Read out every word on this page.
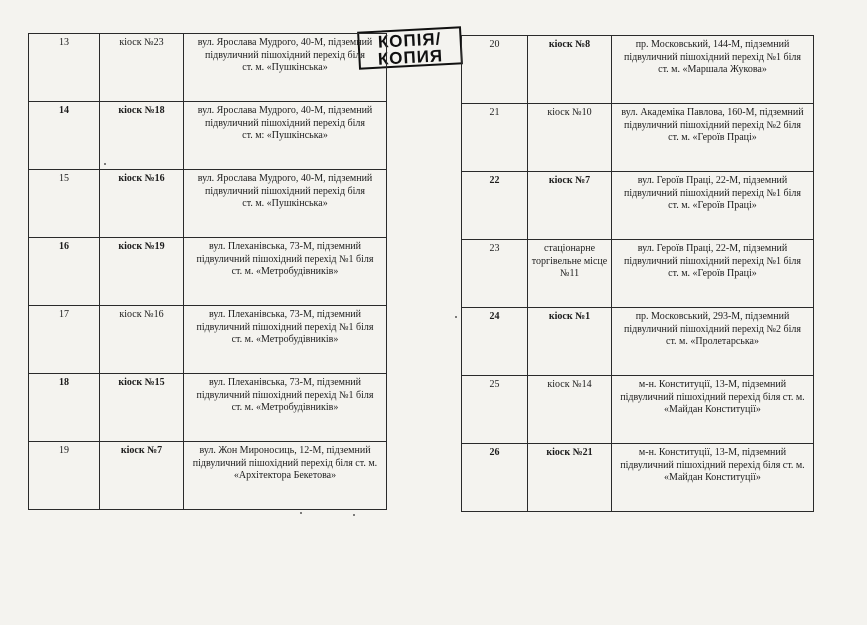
КОПІЯ/
КОПИЯ
13	кіоск №23	вул. Ярослава Мудрого, 40-М, підземний
підвуличний пішохідний перехід біля
ст. м. «Пушкінська»

14	кіоск №18	вул. Ярослава Мудрого, 40-М, підземний
підвуличний пішохідний перехід біля
ст. м: «Пушкінська»

15	кіоск №16	вул. Ярослава Мудрого, 40-М, підземний
підвуличний пішохідний перехід біля
ст. м. «Пушкінська»

16	кіоск №19	вул. Плеханівська, 73-М, підземний
підвуличний пішохідний перехід №1 біля
ст. м. «Метробудівників»

17	кіоск №16	вул. Плеханівська, 73-М, підземний
підвуличний пішохідний перехід №1 біля
ст. м. «Метробудівників»

18	кіоск №15	вул. Плеханівська, 73-М, підземний
підвуличний пішохідний перехід №1 біля
ст. м. «Метробудівників»

19	кіоск №7	вул. Жон Мироносиць, 12-М, підземний
підвуличний пішохідний перехід біля ст. м.
«Архітектора Бекетова»
20	кіоск №8	пр. Московський, 144-М, підземний
підвуличний пішохідний перехід №1 біля
ст. м. «Маршала Жукова»

21	кіоск №10	вул. Академіка Павлова, 160-М, підземний
підвуличний пішохідний перехід №2 біля
ст. м. «Героїв Праці»

22	кіоск №7	вул. Героїв Праці, 22-М, підземний
підвуличний пішохідний перехід №1 біля
ст. м. «Героїв Праці»

23	стаціонарне торгівельне місце №11	вул. Героїв Праці, 22-М, підземний
підвуличний пішохідний перехід №1 біля
ст. м. «Героїв Праці»

24	кіоск №1	пр. Московський, 293-М, підземний
підвуличний пішохідний перехід №2 біля
ст. м. «Пролетарська»

25	кіоск №14	м-н. Конституції, 13-М, підземний
підвуличний пішохідний перехід біля ст. м.
«Майдан Конституції»

26	кіоск №21	м-н. Конституції, 13-М, підземний
підвуличний пішохідний перехід біля ст. м.
«Майдан Конституції»
